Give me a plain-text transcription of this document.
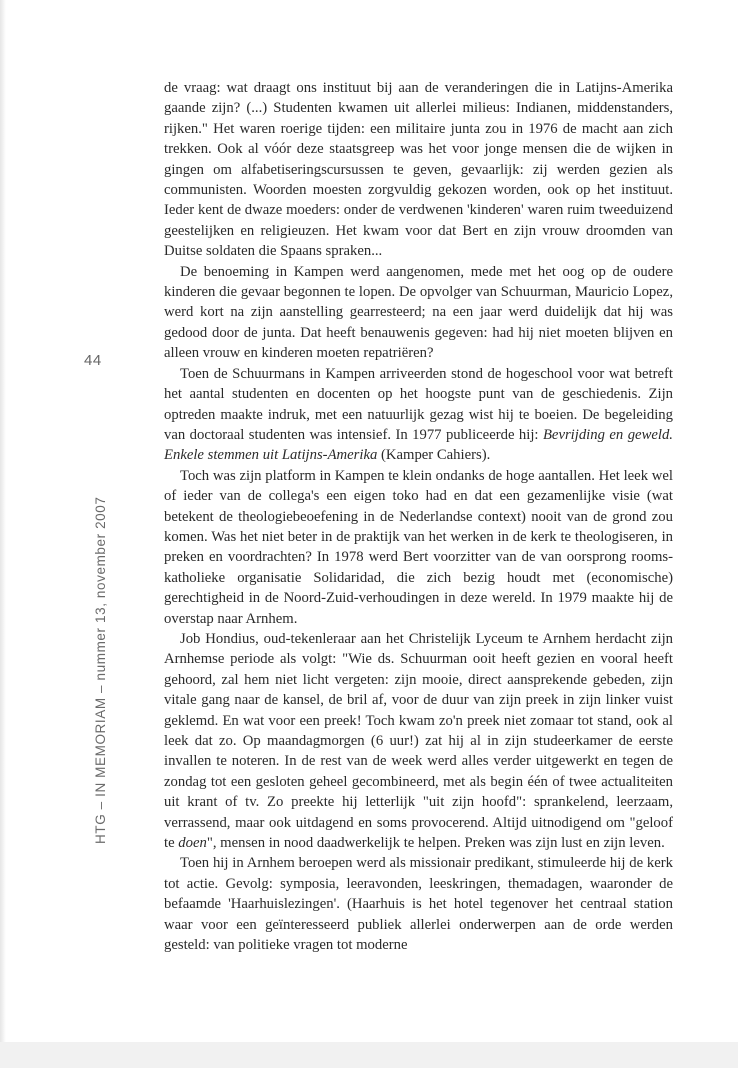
44
HTG – IN MEMORIAM – nummer 13, november 2007

de vraag: wat draagt ons instituut bij aan de veranderingen die in Latijns-Amerika gaande zijn? (...) Studenten kwamen uit allerlei milieus: Indianen, middenstanders, rijken." Het waren roerige tijden: een militaire junta zou in 1976 de macht aan zich trekken. Ook al vóór deze staatsgreep was het voor jonge mensen die de wijken in gingen om alfabetiseringscursussen te geven, gevaarlijk: zij werden gezien als communisten. Woorden moesten zorgvuldig gekozen worden, ook op het instituut. Ieder kent de dwaze moeders: onder de verdwenen 'kinderen' waren ruim tweeduizend geestelijken en religieuzen. Het kwam voor dat Bert en zijn vrouw droomden van Duitse soldaten die Spaans spraken...

De benoeming in Kampen werd aangenomen, mede met het oog op de oudere kinderen die gevaar begonnen te lopen. De opvolger van Schuurman, Mauricio Lopez, werd kort na zijn aanstelling gearresteerd; na een jaar werd duidelijk dat hij was gedood door de junta. Dat heeft benauwenis gegeven: had hij niet moeten blijven en alleen vrouw en kinderen moeten repatriëren?

Toen de Schuurmans in Kampen arriveerden stond de hogeschool voor wat betreft het aantal studenten en docenten op het hoogste punt van de geschiedenis. Zijn optreden maakte indruk, met een natuurlijk gezag wist hij te boeien. De begeleiding van doctoraal studenten was intensief. In 1977 publiceerde hij: Bevrijding en geweld. Enkele stemmen uit Latijns-Amerika (Kamper Cahiers).

Toch was zijn platform in Kampen te klein ondanks de hoge aantallen. Het leek wel of ieder van de collega's een eigen toko had en dat een gezamenlijke visie (wat betekent de theologiebeoefening in de Nederlandse context) nooit van de grond zou komen. Was het niet beter in de praktijk van het werken in de kerk te theologiseren, in preken en voordrachten? In 1978 werd Bert voorzitter van de van oorsprong rooms-katholieke organisatie Solidaridad, die zich bezig houdt met (economische) gerechtigheid in de Noord-Zuid-verhoudingen in deze wereld. In 1979 maakte hij de overstap naar Arnhem.

Job Hondius, oud-tekenleraar aan het Christelijk Lyceum te Arnhem herdacht zijn Arnhemse periode als volgt: "Wie ds. Schuurman ooit heeft gezien en vooral heeft gehoord, zal hem niet licht vergeten: zijn mooie, direct aansprekende gebeden, zijn vitale gang naar de kansel, de bril af, voor de duur van zijn preek in zijn linker vuist geklemd. En wat voor een preek! Toch kwam zo'n preek niet zomaar tot stand, ook al leek dat zo. Op maandagmorgen (6 uur!) zat hij al in zijn studeerkamer de eerste invallen te noteren. In de rest van de week werd alles verder uitgewerkt en tegen de zondag tot een gesloten geheel gecombineerd, met als begin één of twee actualiteiten uit krant of tv. Zo preekte hij letterlijk "uit zijn hoofd": sprankelend, leerzaam, verrassend, maar ook uitdagend en soms provocerend. Altijd uitnodigend om "geloof te doen", mensen in nood daadwerkelijk te helpen. Preken was zijn lust en zijn leven.

Toen hij in Arnhem beroepen werd als missionair predikant, stimuleerde hij de kerk tot actie. Gevolg: symposia, leeravonden, leeskringen, themadagen, waaronder de befaamde 'Haarhuislezingen'. (Haarhuis is het hotel tegenover het centraal station waar voor een geïnteresseerd publiek allerlei onderwerpen aan de orde werden gesteld: van politieke vragen tot moderne
